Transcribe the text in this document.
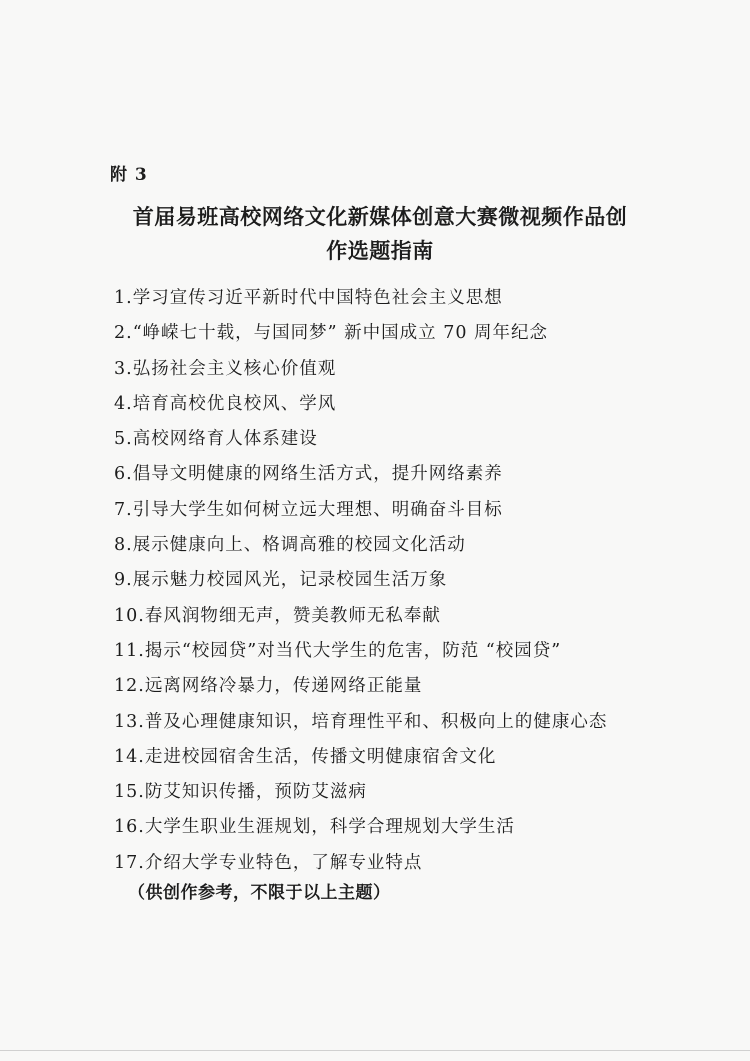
附 3
首届易班高校网络文化新媒体创意大赛微视频作品创
作选题指南
1.学习宣传习近平新时代中国特色社会主义思想
2.“峥嵘七十载，与国同梦” 新中国成立 70 周年纪念
3.弘扬社会主义核心价值观
4.培育高校优良校风、学风
5.高校网络育人体系建设
6.倡导文明健康的网络生活方式，提升网络素养
7.引导大学生如何树立远大理想、明确奋斗目标
8.展示健康向上、格调高雅的校园文化活动
9.展示魅力校园风光，记录校园生活万象
10.春风润物细无声，赞美教师无私奉献
11.揭示“校园贷”对当代大学生的危害，防范 “校园贷”
12.远离网络冷暴力，传递网络正能量
13.普及心理健康知识，培育理性平和、积极向上的健康心态
14.走进校园宿舍生活，传播文明健康宿舍文化
15.防艾知识传播，预防艾滋病
16.大学生职业生涯规划，科学合理规划大学生活
17.介绍大学专业特色，了解专业特点
（供创作参考，不限于以上主题）
